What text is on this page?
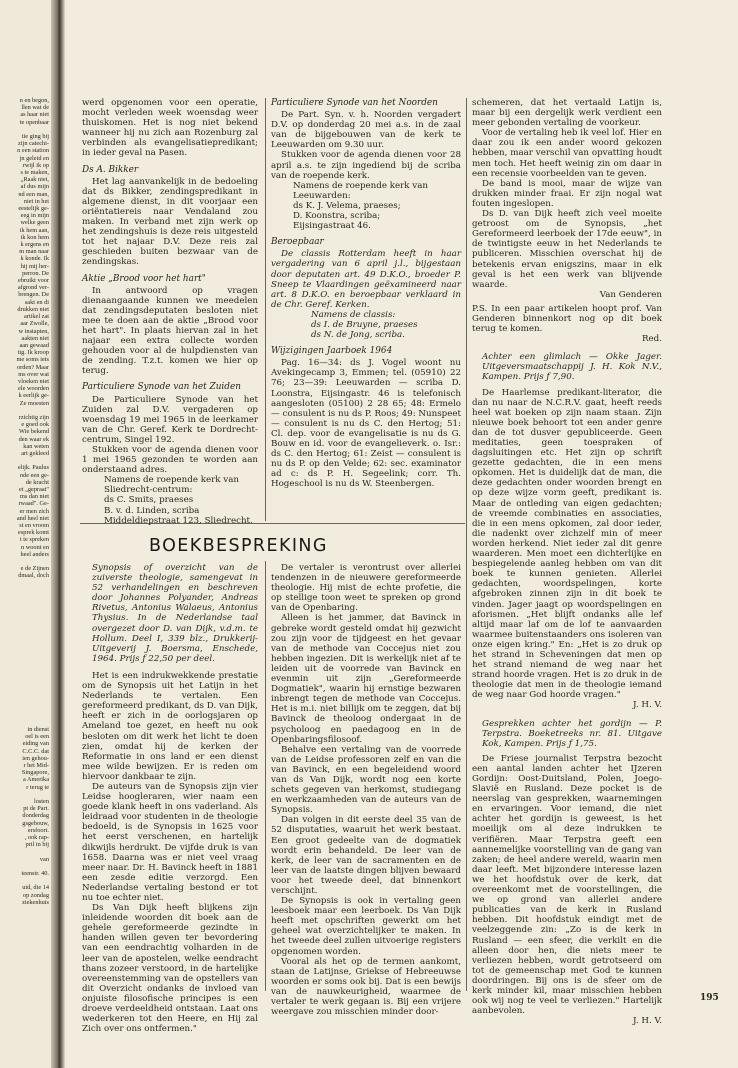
n en begon,
llen wat de
as haar niet
te openbaar

tie ging bij
zijn catechi-
n een station
jn geleid en
rwijl ik op
s te maken,
„Raak niet,
af dus mijn
nd een man,
niet in het
eestelijk ge-
eeg in mijn
welke geen
ik hem aan,
ik kon hem
k ergens en
m man naar
k konde. Ik
hij mij her-
perron. De
ebruikt voor
afgrond ver-
brengen. De
sakt en di
drukken niet
artikel zat
aar Zwolle,
w instapten,
aakten niet
aan gewaad
tig. Ik kroop
me soms iets
orden? Maar
ms over wat
vloeken niet
ele woorden
k eerlijk ge-
Ze moesten

rzichtig zijn
e goed ook
Wie bekend
den waar ek
kan weten
art gekleed

elijk. Paulus
nde een ge-
de kracht
et „gepraat"
ms dan niet
rwaad". Ge-
er men zich
and heel niet
st en vroom
esprek komt
t te spreken
n woont en
heel anders

e de Zijnen
dmaal, doch
in dienst
oel is een
eiding van
C.C.C. dat
ien gehou-
r het Mid-
Singapore,
a Amerika
r terug te

losten
pt de Part.
donderdag
gsgebouw,
ersfoort.
, ook rap-
pril in bij

van

teenstr. 40.

uid, die 14
op zondag
ziekenhuis

werd opgenomen voor een operatie, mocht verleden week woensdag weer thuiskomen. Het is nog niet bekend wanneer hij nu zich aan Rozenburg zal verbinden als evangelisatiepredikant; in ieder geval na Pasen.

Ds A. Bikker

Het lag aanvankelijk in de bedoeling dat ds Bikker, zendingspredikant in algemene dienst, in dit voorjaar een oriëntatiereis naar Vendaland zou maken. In verband met zijn werk op het zendingshuis is deze reis uitgesteld tot het najaar D.V. Deze reis zal geschieden buiten bezwaar van de zendingskas.

Aktie „Brood voor het hart"

In antwoord op vragen dienaangaande kunnen we meedelen dat zendingsdeputaten besloten niet mee te doen aan de aktie „Brood voor het hart". In plaats hiervan zal in het najaar een extra collecte worden gehouden voor al de hulpdiensten van de zending. T.z.t. komen we hier op terug.

Particuliere Synode van het Zuiden

De Particuliere Synode van het Zuiden zal D.V. vergaderen op woensdag 19 mei 1965 in de leerkamer van de Chr. Geref. Kerk te Dordrecht-centrum, Singel 192.

Stukken voor de agenda dienen voor 1 mei 1965 gezonden te worden aan onderstaand adres.

Namens de roepende kerk van
Sliedrecht-centrum:
ds C. Smits, praeses
B. v. d. Linden, scriba
Middeldiepstraat 123, Sliedrecht.
Particuliere Synode van het Noorden

De Part. Syn. v. h. Noorden vergadert D.V. op donderdag 20 mei a.s. in de zaal van de bijgebouwen van de kerk te Leeuwarden om 9.30 uur.

Stukken voor de agenda dienen voor 28 april a.s. te zijn ingediend bij de scriba van de roepende kerk.

Namens de roepende kerk van
Leeuwarden:
ds K. J. Velema, praeses;
D. Koonstra, scriba;
Eijsingastraat 46.
Beroepbaar

De classis Rotterdam heeft in haar vergadering van 6 april j.l., bijgestaan door deputaten art. 49 D.K.O., broeder P. Sneep te Vlaardingen geëxamineerd naar art. 8 D.K.O. en beroepbaar verklaard in de Chr. Geref. Kerken.

Namens de classis:
ds I. de Bruyne, praeses
ds N. de Jong, scriba.
Wijzigingen Jaarboek 1964

Pag. 16—34: ds J. Vogel woont nu Avekingecamp 3, Emmen; tel. (05910) 22 76; 23—39: Leeuwarden — scriba D. Loonstra, Eijsingastr. 46 is telefonisch aangesloten (05100) 2 28 65; 48: Ermelo — consulent is nu ds P. Roos; 49: Nunspeet — consulent is nu ds C. den Hertog; 51: Cl. dep. voor de evangelisatie is nu ds G. Bouw en id. voor de evangelieverk. o. Isr.: ds C. den Hertog; 61: Zeist — consulent is nu ds P. op den Velde; 62: sec. examinator ad c: ds P. H. Segeelink; corr. Th. Hogeschool is nu ds W. Steenbergen.

BOEKBESPREKING

Synopsis of overzicht van de zuiverste theologie, samengevat in 52 verhandelingen en beschreven door Johannes Polyander, Andreas Rivetus, Antonius Walaeus, Antonius Thysius. In de Nederlandse taal overgezet door D. van Dijk, v.d.m. te Hollum. Deel I, 339 blz., Drukkerij-Uitgeverij J. Boersma, Enschede, 1964. Prijs ƒ 22,50 per deel.

Het is een indrukwekkende prestatie om de Synopsis uit het Latijn in het Nederlands te vertalen. Een gereformeerd predikant, ds D. van Dijk, heeft er zich in de oorlogsjaren op Ameland toe gezet, en heeft nu ook besloten om dit werk het licht te doen zien, omdat hij de kerken der Reformatie in ons land er een dienst mee wilde bewijzen. Er is reden om hiervoor dankbaar te zijn.

De auteurs van de Synopsis zijn vier Leidse hoogleraren, wier naam een goede klank heeft in ons vaderland. Als leidraad voor studenten in de theologie bedoeld, is de Synopsis in 1625 voor het eerst verschenen, en hartelijk dikwijls herdrukt. De vijfde druk is van 1658. Daarna was er niet veel vraag meer naar. Dr. H. Bavinck heeft in 1881 een zesde editie verzorgd. Een Nederlandse vertaling bestond er tot nu toe echter niet.

Ds Van Dijk heeft blijkens zijn inleidende woorden dit boek aan de gehele gereformeerde gezindte in handen willen geven ter bevordering van een eendrachtig volharden in de leer van de apostelen, welke eendracht thans zozeer verstoord, in de hartelijke overeenstemming van de opstellers van dit Overzicht ondanks de invloed van onjuiste filosofische principes is een droeve verdeeldheid ontstaan. Laat ons wederkeren tot den Heere, en Hij zal Zich over ons ontfermen."

De vertaler is verontrust over allerlei tendenzen in de nieuwere gereformeerde theologie. Hij mist de echte profetie, die op stellige toon weet te spreken op grond van de Openbaring.

Alleen is het jammer, dat Bavinck in gebreke wordt gesteld omdat hij gezwicht zou zijn voor de tijdgeest en het gevaar van de methode van Coccejus niet zou hebben ingezien. Dit is werkelijk niet af te leiden uit de voorrede van Bavinck en evenmin uit zijn „Gereformeerde Dogmatiek", waarin hij ernstige bezwaren inbrengt tegen de methode van Coccejus. Het is m.i. niet billijk om te zeggen, dat bij Bavinck de theoloog ondergaat in de psycholoog en paedagoog en in de Openbaringsfilosoof.

Behalve een vertaling van de voorrede van de Leidse professoren zelf en van die van Bavinck, en een begeleidend woord van ds Van Dijk, wordt nog een korte schets gegeven van herkomst, studiegang en werkzaamheden van de auteurs van de Synopsis.

Dan volgen in dit eerste deel 35 van de 52 disputaties, waaruit het werk bestaat. Een groot gedeelte van de dogmatiek wordt erin behandeld. De leer van de kerk, de leer van de sacramenten en de leer van de laatste dingen blijven bewaard voor het tweede deel, dat binnenkort verschijnt.

De Synopsis is ook in vertaling geen leesboek maar een leerboek. Ds Van Dijk heeft met opschriften gewerkt om het geheel wat overzichtelijker te maken. In het tweede deel zullen uitvoerige registers opgenomen worden.

Vooral als het op de termen aankomt, staan de Latijnse, Griekse of Hebreeuwse woorden er soms ook bij. Dat is een bewijs van de nauwkeurigheid, waarmee de vertaler te werk gegaan is. Bij een vrijere weergave zou misschien minder door-

schemeren, dat het vertaald Latijn is, maar bij een dergelijk werk verdient een meer gebonden vertaling de voorkeur.

Voor de vertaling heb ik veel lof. Hier en daar zou ik een ander woord gekozen hebben, maar verschil van opvatting houdt men toch. Het heeft weinig zin om daar in een recensie voorbeelden van te geven.

De band is mooi, maar de wijze van drukken minder fraai. Er zijn nogal wat fouten ingeslopen.

Ds D. van Dijk heeft zich veel moeite getroost om de Synopsis, „het Gereformeerd leerboek der 17de eeuw", in de twintigste eeuw in het Nederlands te publiceren. Misschien overschat hij de betekenis ervan enigszins, maar in elk geval is het een werk van blijvende waarde.

Van Genderen

P.S. In een paar artikelen hoopt prof. Van Genderen binnenkort nog op dit boek terug te komen.

Red.

Achter een glimlach — Okke Jager. Uitgeversmaatschappij J. H. Kok N.V., Kampen. Prijs ƒ 7,90.

De Haarlemse predikant-literator, die dan nu naar de N.C.R.V. gaat, heeft reeds heel wat boeken op zijn naam staan. Zijn nieuwe boek behoort tot een ander genre dan de tot dusver gepubliceerde. Geen meditaties, geen toespraken of dagsluitingen etc. Het zijn op schrift gezette gedachten, die in een mens opkomen. Het is duidelijk dat de man, die deze gedachten onder woorden brengt en op deze wijze vorm geeft, predikant is. Maar de ontleding van eigen gedachten; de vreemde combinaties en associaties, die in een mens opkomen, zal door ieder, die nadenkt over zichzelf min of meer worden herkend. Niet ieder zal dit genre waarderen. Men moet een dichterlijke en bespiegelende aanleg hebben om van dit boek te kunnen genieten. Allerlei gedachten, woordspelingen, korte afgebroken zinnen zijn in dit boek te vinden. Jager jaagt op woordspelingen en aforismen. „Het blijft ondanks alle lef altijd maar laf om de lof te aanvaarden waarmee buitenstaanders ons isoleren van onze eigen kring." En: „Het is zo druk op het strand in Scheveningen dat men op het strand niemand de weg naar het strand hoorde vragen. Het is zo druk in de theologie dat men in de theologie iemand de weg naar God hoorde vragen."

J. H. V.

Gesprekken achter het gordijn — P. Terpstra. Boeketreeks nr. 81. Uitgave Kok, Kampen. Prijs ƒ 1,75.

De Friese journalist Terpstra bezocht een aantal landen achter het IJzeren Gordijn: Oost-Duitsland, Polen, Joego-Slavië en Rusland. Deze pocket is de neerslag van gesprekken, waarnemingen en ervaringen. Voor iemand, die niet achter het gordijn is geweest, is het moeilijk om al deze indrukken te verifiëren. Maar Terpstra geeft een aannemelijke voorstelling van de gang van zaken; de heel andere wereld, waarin men daar leeft. Met bijzondere interesse lazen we het hoofdstuk over de kerk, dat overeenkomt met de voorstellingen, die we op grond van allerlei andere publicaties van de kerk in Rusland hebben. Dit hoofdstuk eindigt met de veelzeggende zin: „Zo is de kerk in Rusland — een sfeer, die verkilt en die alleen door hen, die niets meer te verliezen hebben, wordt getrotseerd om tot de gemeenschap met God te kunnen doordringen. Bij ons is de sfeer om de kerk minder kil, maar misschien hebben ook wij nog te veel te verliezen." Hartelijk aanbevolen.

J. H. V.
195
